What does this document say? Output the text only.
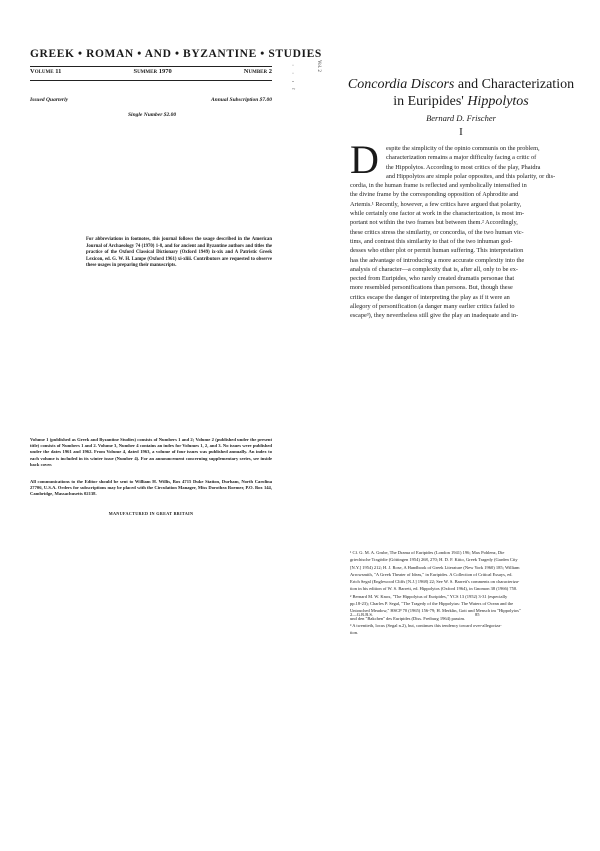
GREEK • ROMAN • AND • BYZANTINE • STUDIES
Volume 11	Summer 1970	Number 2
Issued Quarterly	Annual Subscription $7.00
Single Number $2.00
For abbreviations in footnotes, this journal follows the usage described in the American Journal of Archaeology 74 (1970) 1-8, and for ancient and Byzantine authors and titles the practice of the Oxford Classical Dictionary (Oxford 1949) ix-xix and A Patristic Greek Lexicon, ed. G. W. H. Lampe (Oxford 1961) xi-xliii. Contributors are requested to observe these usages in preparing their manuscripts.
Volume 1 (published as Greek and Byzantine Studies) consists of Numbers 1 and 2; Volume 2 (published under the present title) consists of Numbers 1 and 2. Volume 3, Number 4 contains an index for Volumes 1, 2, and 3. No issues were published under the dates 1961 and 1962. From Volume 4, dated 1963, a volume of four issues was published annually. An index to each volume is included in its winter issue (Number 4). For an announcement concerning supplementary series, see inside back cover.
All communications to the Editor should be sent to William H. Willis, Box 4715 Duke Station, Durham, North Carolina 27706, U.S.A. Orders for subscriptions may be placed with the Circulation Manager, Miss Dorothea Roemer, P.O. Box 144, Cambridge, Massachusetts 02138.
MANUFACTURED IN GREAT BRITAIN
·
·
-
~
Vol. 2
Concordia Discors and Characterization
in Euripides' Hippolytos
Bernard D. Frischer
I
D	espite the simplicity of the opinio communis on the problem,
characterization remains a major difficulty facing a critic of
the Hippolytos. According to most critics of the play, Phaidra
and Hippolytos are simple polar opposites, and this polarity, or dis-
cordia, in the human frame is reflected and symbolically intensified in
the divine frame by the corresponding opposition of Aphrodite and
Artemis.¹ Recently, however, a few critics have argued that polarity,
while certainly one factor at work in the characterization, is most im-
portant not within the two frames but between them.² Accordingly,
these critics stress the similarity, or concordia, of the two human vic-
tims, and contrast this similarity to that of the two inhuman god-
desses who either plot or permit human suffering. This interpretation
has the advantage of introducing a more accurate complexity into the
analysis of character—a complexity that is, after all, only to be ex-
pected from Euripides, who rarely created dramatis personae that
more resembled personifications than persons. But, though these
critics escape the danger of interpreting the play as if it were an
allegory of personification (a danger many earlier critics failed to
escape³), they nevertheless still give the play an inadequate and in-
¹ Cf. G. M. A. Grube, The Drama of Euripides (London 1941) 196; Max Pohlenz, Die
griechische Tragödie (Göttingen 1954) 268, 270; H. D. F. Kitto, Greek Tragedy (Garden City
[N.Y.] 1954) 212; H. J. Rose, A Handbook of Greek Literature (New York 1960) 185; William
Arrowsmith, "A Greek Theater of Ideas," in Euripides. A Collection of Critical Essays, ed.
Erich Segal (Englewood Cliffs [N.J.] 1968) 22; See W. S. Barrett's comments on characteriza-
tion in his edition of W. S. Barrett, ed. Hippolytos (Oxford 1964), in Gnomon 38 (1966) 750.
² Bernard M. W. Knox, "The Hippolytus of Euripides," YCS 13 (1952) 3-31 (especially
pp.18-23); Charles P. Segal, "The Tragedy of the Hippolytus: The Waters of Ocean and the
Untouched Meadow," HSCP 70 (1965) 156-79; H. Merklin, Gott und Mensch im "Hippolytos"
und den "Bakchen" des Euripides (Diss. Freiburg 1964) passim.
³ A twentieth, locus (Segal n.2), but, continues this tendency toward over-allegoriza-
tion.
2—G.R.B.S.	85
